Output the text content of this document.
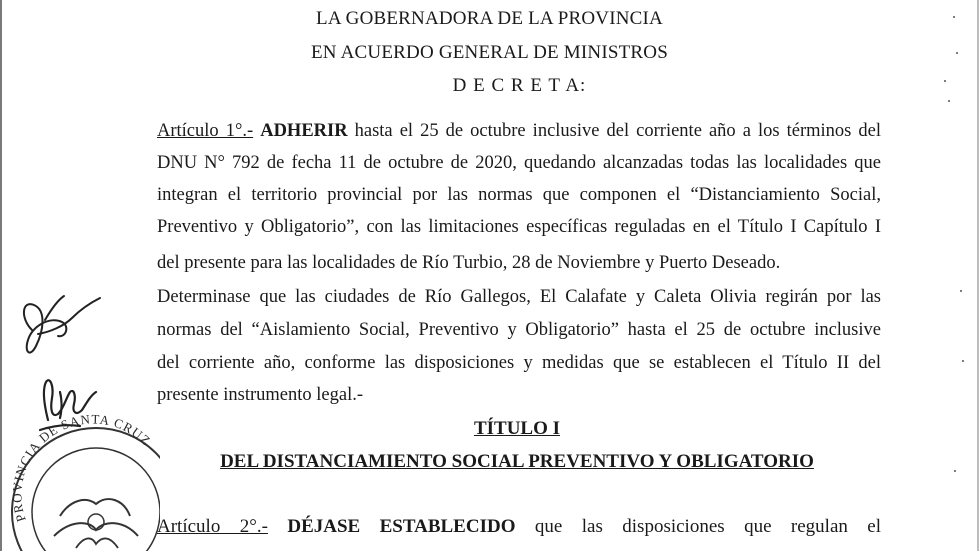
LA GOBERNADORA DE LA PROVINCIA
EN ACUERDO GENERAL DE MINISTROS
D E C R E T A:
Artículo 1°.- ADHERIR hasta el 25 de octubre inclusive del corriente año a los términos del
DNU N° 792 de fecha 11 de octubre de 2020, quedando alcanzadas todas las localidades que
integran el territorio provincial por las normas que componen el “Distanciamiento Social,
Preventivo y Obligatorio”, con las limitaciones específicas reguladas en el Título I Capítulo I
del presente para las localidades de Río Turbio, 28 de Noviembre y Puerto Deseado.
Determinase que las ciudades de Río Gallegos, El Calafate y Caleta Olivia regirán por las
normas del “Aislamiento Social, Preventivo y Obligatorio” hasta el 25 de octubre inclusive
del corriente año, conforme las disposiciones y medidas que se establecen el Título II del
presente instrumento legal.-
TÍTULO I
DEL DISTANCIAMIENTO SOCIAL PREVENTIVO Y OBLIGATORIO
Artículo 2°.- DÉJASE ESTABLECIDO que las disposiciones que regulan el
PROVINCIA DE SANTA CRUZ
